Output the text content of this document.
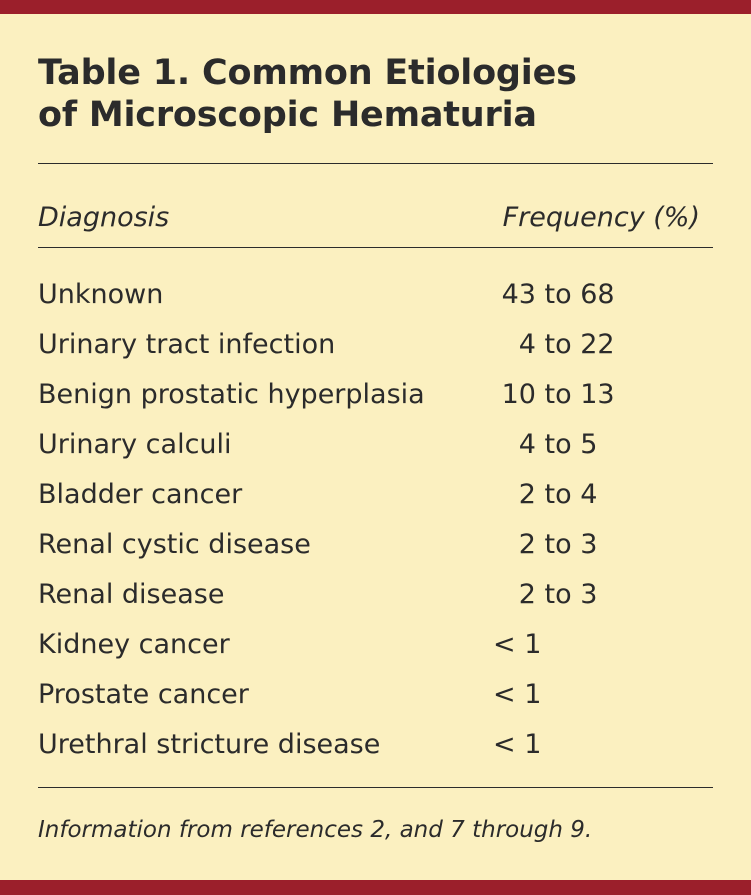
Table 1. Common Etiologies
of Microscopic Hematuria
Diagnosis	Frequency (%)
Unknown	43 to 68
Urinary tract infection	4 to 22
Benign prostatic hyperplasia	10 to 13
Urinary calculi	4 to 5
Bladder cancer	2 to 4
Renal cystic disease	2 to 3
Renal disease	2 to 3
Kidney cancer	< 1
Prostate cancer	< 1
Urethral stricture disease	< 1
Information from references 2, and 7 through 9.
